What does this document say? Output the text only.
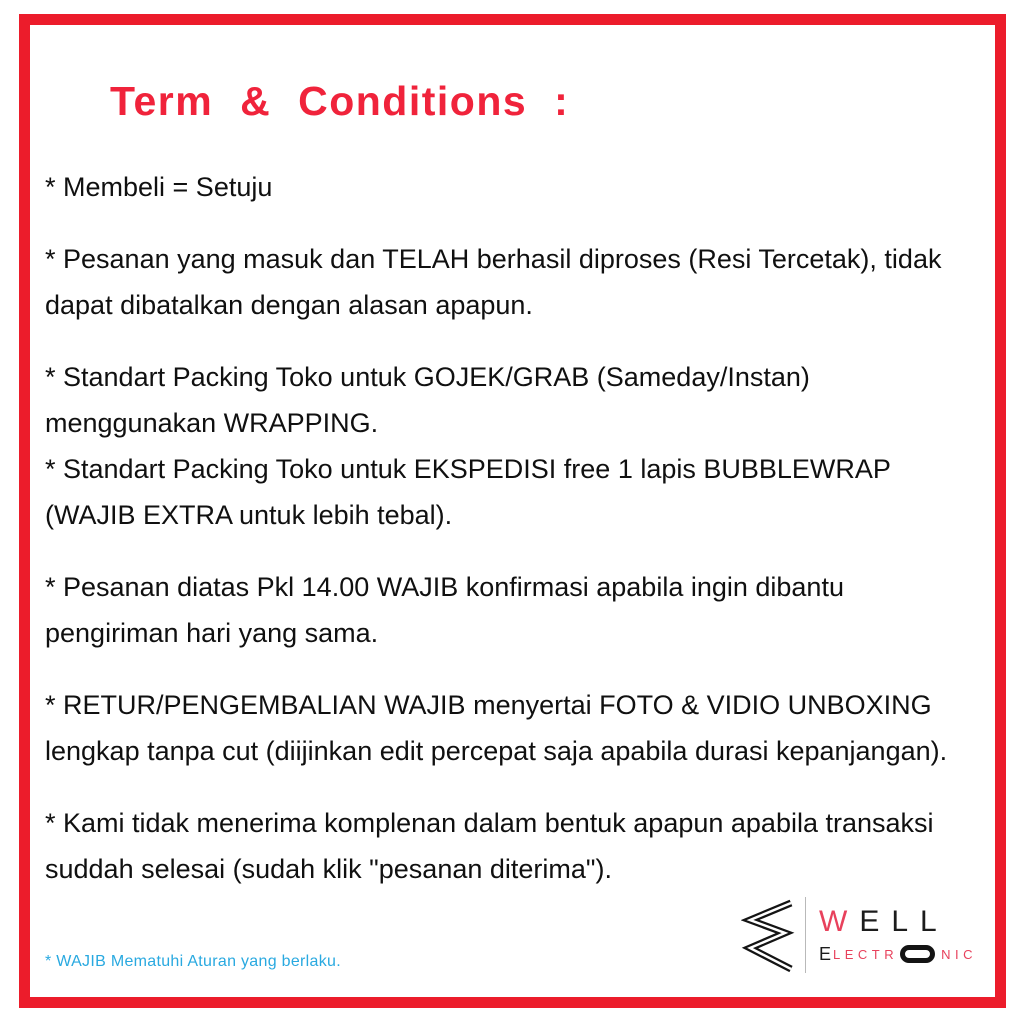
Term & Conditions :
* Membeli = Setuju
* Pesanan yang masuk dan TELAH berhasil diproses (Resi Tercetak), tidak
dapat dibatalkan dengan alasan apapun.
* Standart Packing Toko untuk GOJEK/GRAB (Sameday/Instan)
menggunakan WRAPPING.
* Standart Packing Toko untuk EKSPEDISI free 1 lapis BUBBLEWRAP
(WAJIB EXTRA untuk lebih tebal).
* Pesanan diatas Pkl 14.00 WAJIB konfirmasi apabila ingin dibantu
pengiriman hari yang sama.
* RETUR/PENGEMBALIAN WAJIB menyertai FOTO & VIDIO UNBOXING
lengkap tanpa cut (diijinkan edit percepat saja apabila durasi kepanjangan).
* Kami tidak menerima komplenan dalam bentuk apapun apabila transaksi
suddah selesai (sudah klik "pesanan diterima").
* WAJIB Mematuhi Aturan yang berlaku.
WELL
E LECTR	NIC
